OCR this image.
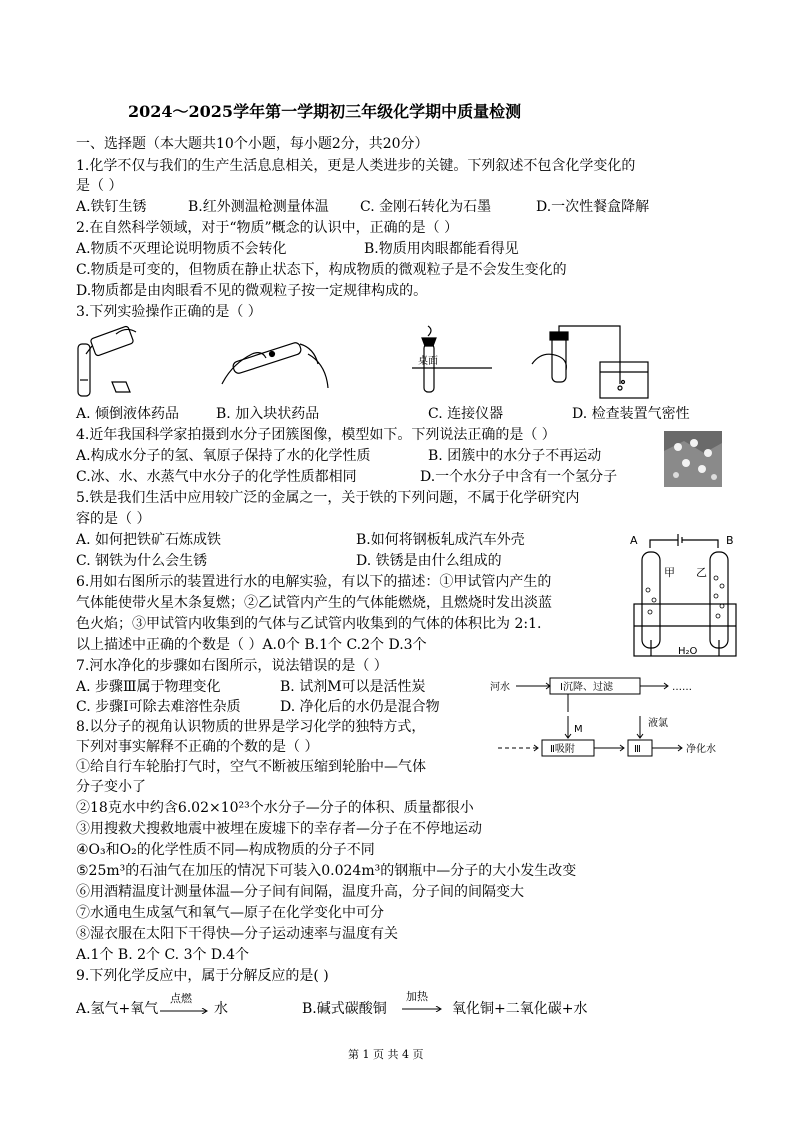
2024～2025学年第一学期初三年级化学期中质量检测
一、选择题（本大题共10个小题，每小题2分，共20分）
1.化学不仅与我们的生产生活息息相关，更是人类进步的关键。下列叙述不包含化学变化的
是（ ）
A.铁钉生锈	B.红外测温枪测量体温 C. 金刚石转化为石墨	D.一次性餐盒降解
2.在自然科学领域，对于“物质”概念的认识中，正确的是（ ）
A.物质不灭理论说明物质不会转化	B.物质用肉眼都能看得见
C.物质是可变的，但物质在静止状态下，构成物质的微观粒子是不会发生变化的
D.物质都是由肉眼看不见的微观粒子按一定规律构成的。
3.下列实验操作正确的是（ ）
桌面
A. 倾倒液体药品	B. 加入块状药品	C. 连接仪器	D. 检查装置气密性
4.近年我国科学家拍摄到水分子团簇图像，模型如下。下列说法正确的是（ ）
A.构成水分子的氢、氧原子保持了水的化学性质	B. 团簇中的水分子不再运动
C.冰、水、水蒸气中水分子的化学性质都相同	D.一个水分子中含有一个氢分子
5.铁是我们生活中应用较广泛的金属之一，关于铁的下列问题，不属于化学研究内
容的是（ ）
A. 如何把铁矿石炼成铁	B.如何将钢板轧成汽车外壳
C. 钢铁为什么会生锈	D. 铁锈是由什么组成的
A	B
甲 乙
H₂O
6.用如右图所示的装置进行水的电解实验，有以下的描述：①甲试管内产生的
气体能使带火星木条复燃；②乙试管内产生的气体能燃烧，且燃烧时发出淡蓝
色火焰；③甲试管内收集到的气体与乙试管内收集到的气体的体积比为 2:1.
以上描述中正确的个数是（ ）A.0个 B.1个 C.2个 D.3个
7.河水净化的步骤如右图所示，说法错误的是（ ）
A. 步骤Ⅲ属于物理变化	B. 试剂M可以是活性炭
C. 步骤Ⅰ可除去难溶性杂质	D. 净化后的水仍是混合物
河水	Ⅰ沉降、过滤	……
M
液氯
Ⅱ吸附	Ⅲ	净化水
8.以分子的视角认识物质的世界是学习化学的独特方式，
下列对事实解释不正确的个数的是（ ）
①给自行车轮胎打气时，空气不断被压缩到轮胎中—气体
分子变小了
②18克水中约含6.02×10²³个水分子—分子的体积、质量都很小
③用搜救犬搜救地震中被埋在废墟下的幸存者—分子在不停地运动
④O₃和O₂的化学性质不同—构成物质的分子不同
⑤25m³的石油气在加压的情况下可装入0.024m³的钢瓶中—分子的大小发生改变
⑥用酒精温度计测量体温—分子间有间隔，温度升高，分子间的间隔变大
⑦水通电生成氢气和氧气—原子在化学变化中可分
⑧湿衣服在太阳下干得快—分子运动速率与温度有关
A.1个 B. 2个 C. 3个 D.4个
9.下列化学反应中，属于分解反应的是( )
A.氢气+氧气
点燃
水	B.碱式碳酸铜
加热
氧化铜+二氧化碳+水
第 1 页 共 4 页
